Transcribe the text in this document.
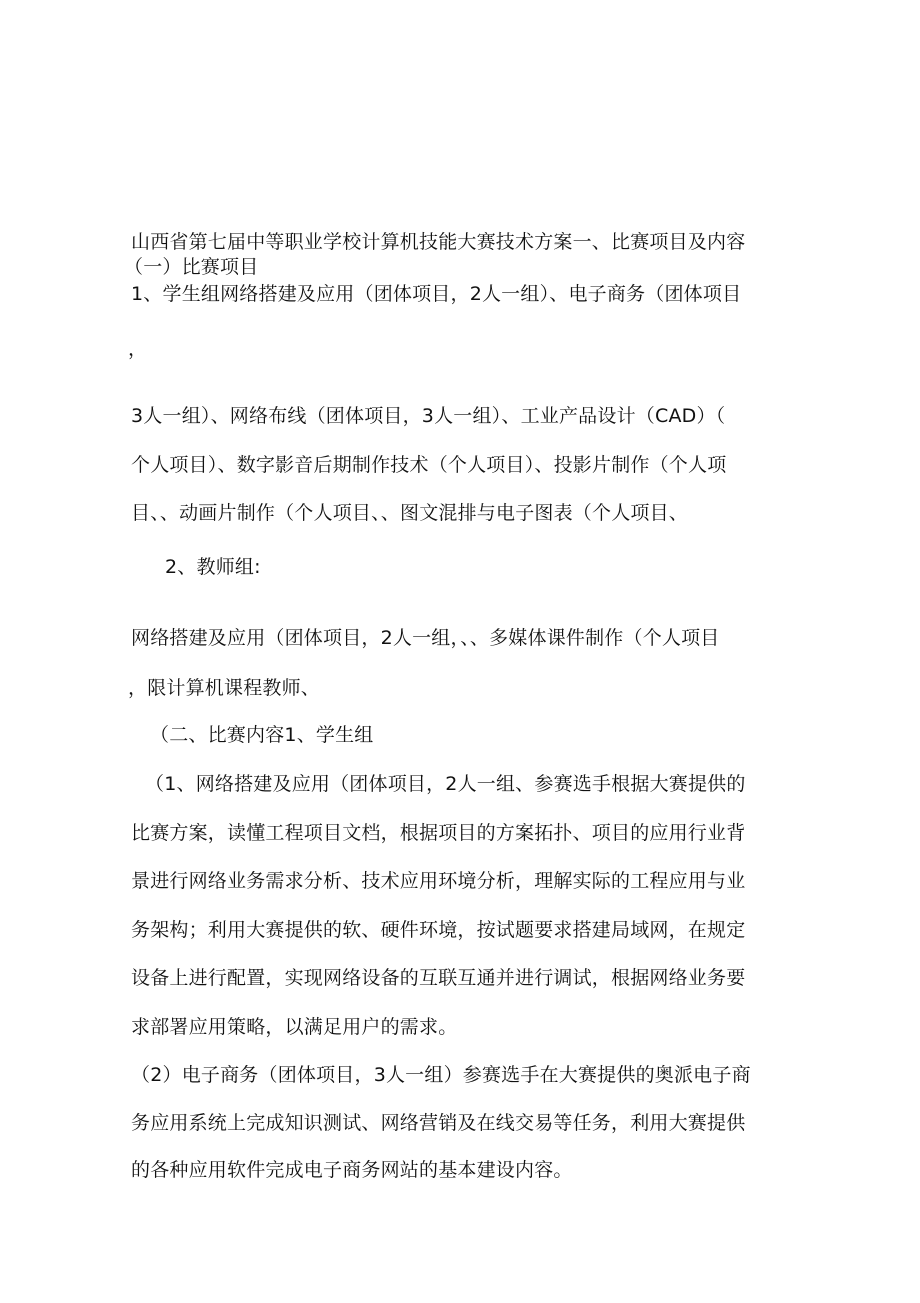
山西省第七届中等职业学校计算机技能大赛技术方案一、比赛项目及内容
（一）比赛项目
1、学生组网络搭建及应用（团体项目，2人一组）、电子商务（团体项目
，
3人一组）、网络布线（团体项目，3人一组）、工业产品设计（CAD）（
个人项目）、数字影音后期制作技术（个人项目）、投影片制作（个人项
目、、动画片制作（个人项目、、图文混排与电子图表（个人项目、
2、教师组:
网络搭建及应用（团体项目，2人一组，、、多媒体课件制作（个人项目
，限计算机课程教师、
（二、比赛内容1、学生组
（1、网络搭建及应用（团体项目，2人一组、参赛选手根据大赛提供的
比赛方案，读懂工程项目文档，根据项目的方案拓扑、项目的应用行业背
景进行网络业务需求分析、技术应用环境分析，理解实际的工程应用与业
务架构；利用大赛提供的软、硬件环境，按试题要求搭建局域网，在规定
设备上进行配置，实现网络设备的互联互通并进行调试，根据网络业务要
求部署应用策略，以满足用户的需求。
（2）电子商务（团体项目，3人一组）参赛选手在大赛提供的奥派电子商
务应用系统上完成知识测试、网络营销及在线交易等任务，利用大赛提供
的各种应用软件完成电子商务网站的基本建设内容。
